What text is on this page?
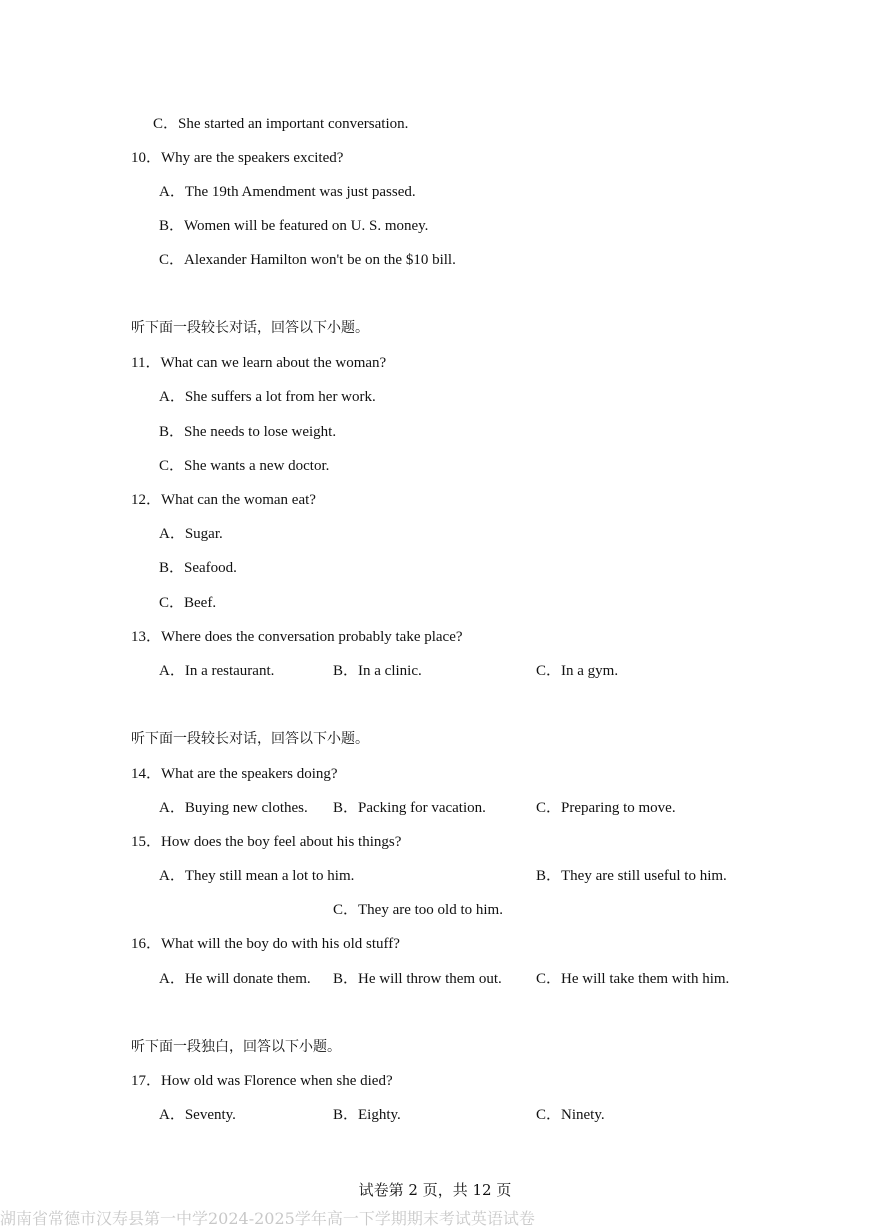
C．She started an important conversation.
10．Why are the speakers excited?
A．The 19th Amendment was just passed.
B．Women will be featured on U. S. money.
C．Alexander Hamilton won't be on the $10 bill.
听下面一段较长对话，回答以下小题。
11．What can we learn about the woman?
A．She suffers a lot from her work.
B．She needs to lose weight.
C．She wants a new doctor.
12．What can the woman eat?
A．Sugar.
B．Seafood.
C．Beef.
13．Where does the conversation probably take place?
A．In a restaurant.	B．In a clinic.	C．In a gym.
听下面一段较长对话，回答以下小题。
14．What are the speakers doing?
A．Buying new clothes. B．Packing for vacation.	C．Preparing to move.
15．How does the boy feel about his things?
A．They still mean a lot to him.	B．They are still useful to him.
C．They are too old to him.
16．What will the boy do with his old stuff?
A．He will donate them. B．He will throw them out. C．He will take them with him.
听下面一段独白，回答以下小题。
17．How old was Florence when she died?
A．Seventy.	B．Eighty.	C．Ninety.
试卷第 2 页，共 12 页
湖南省常德市汉寿县第一中学2024-2025学年高一下学期期末考试英语试卷
